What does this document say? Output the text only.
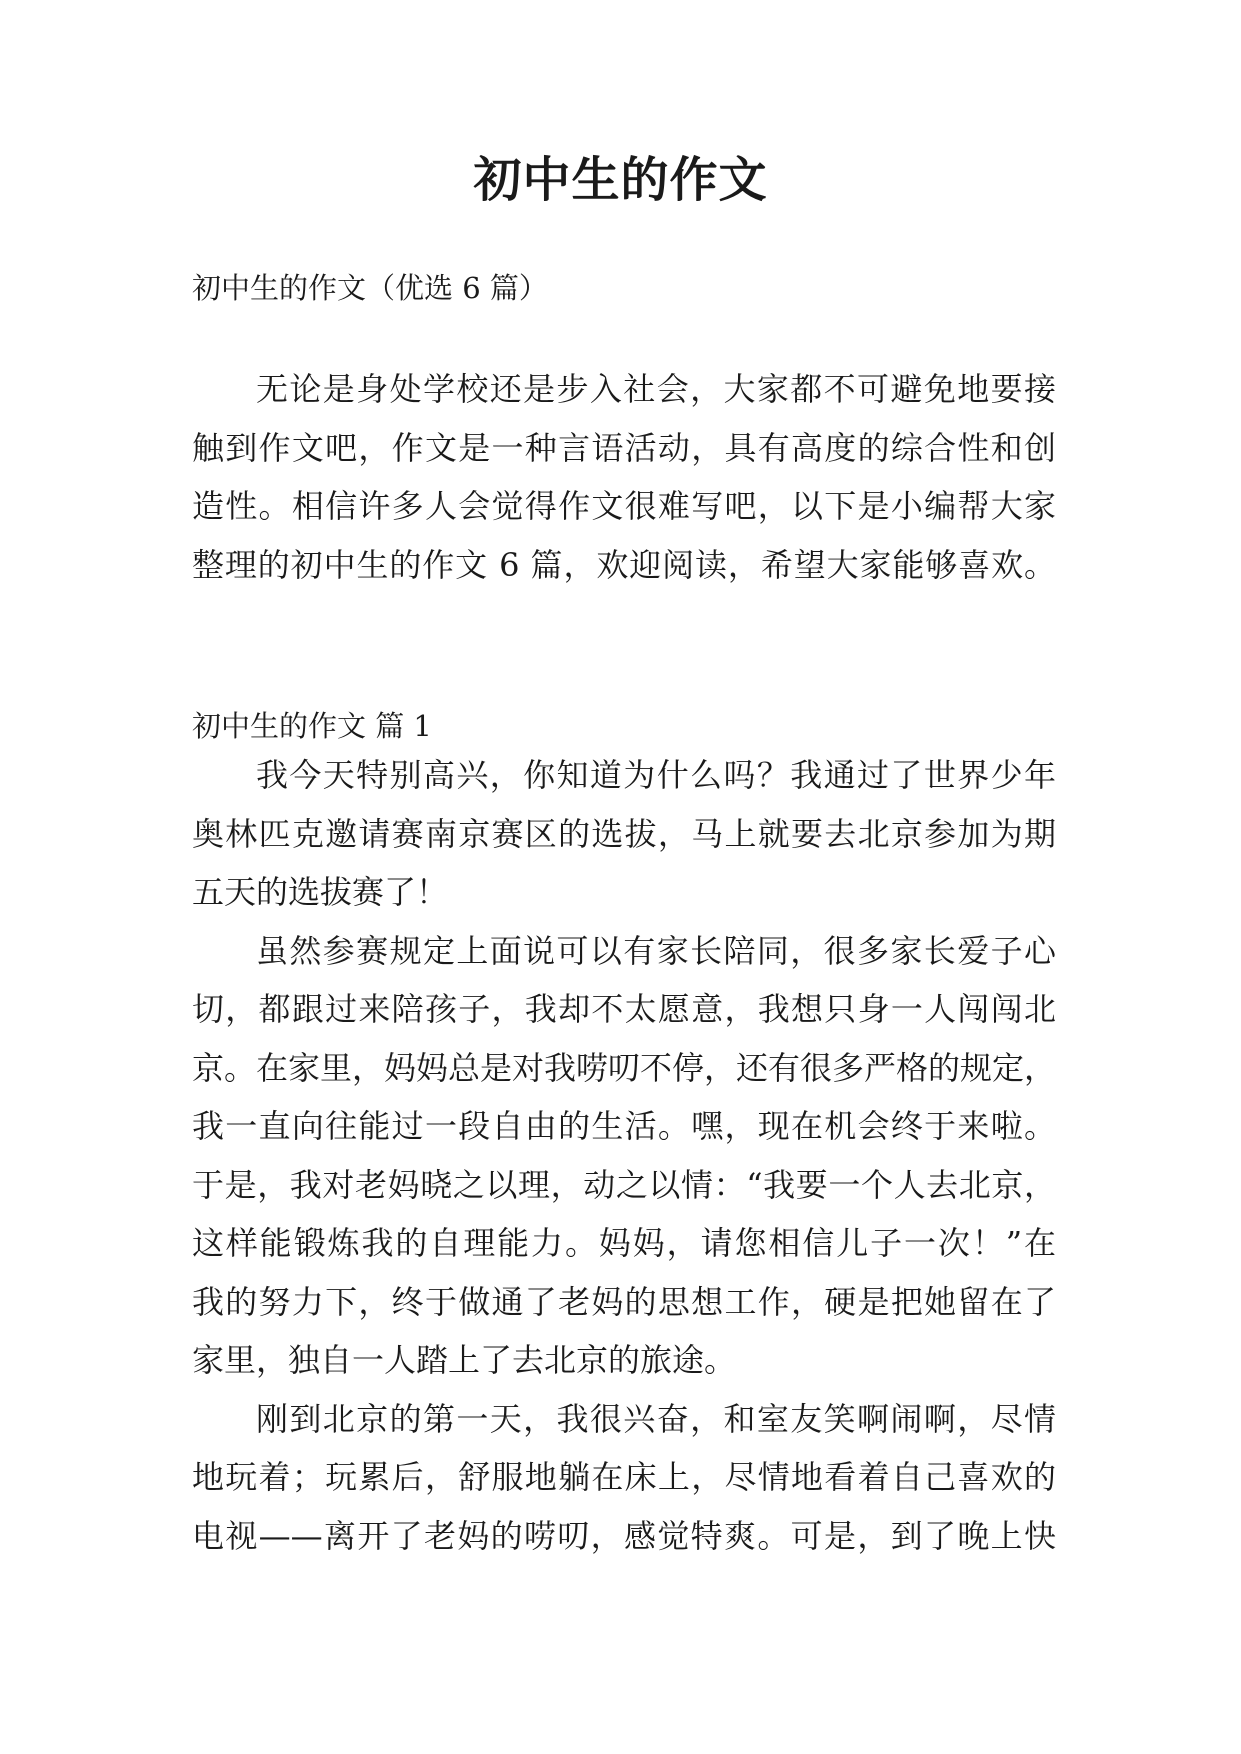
初中生的作文
初中生的作文（优选 6 篇）
无论是身处学校还是步入社会，大家都不可避免地要接
触到作文吧，作文是一种言语活动，具有高度的综合性和创
造性。相信许多人会觉得作文很难写吧，以下是小编帮大家
整理的初中生的作文 6 篇，欢迎阅读，希望大家能够喜欢。
初中生的作文 篇 1
我今天特别高兴，你知道为什么吗？我通过了世界少年
奥林匹克邀请赛南京赛区的选拔，马上就要去北京参加为期
五天的选拔赛了！
虽然参赛规定上面说可以有家长陪同，很多家长爱子心
切，都跟过来陪孩子，我却不太愿意，我想只身一人闯闯北
京。在家里，妈妈总是对我唠叨不停，还有很多严格的规定，
我一直向往能过一段自由的生活。嘿，现在机会终于来啦。
于是，我对老妈晓之以理，动之以情：“我要一个人去北京，
这样能锻炼我的自理能力。妈妈，请您相信儿子一次！”在
我的努力下，终于做通了老妈的思想工作，硬是把她留在了
家里，独自一人踏上了去北京的旅途。
刚到北京的第一天，我很兴奋，和室友笑啊闹啊，尽情
地玩着；玩累后，舒服地躺在床上，尽情地看着自己喜欢的
电视——离开了老妈的唠叨，感觉特爽。可是，到了晚上快
